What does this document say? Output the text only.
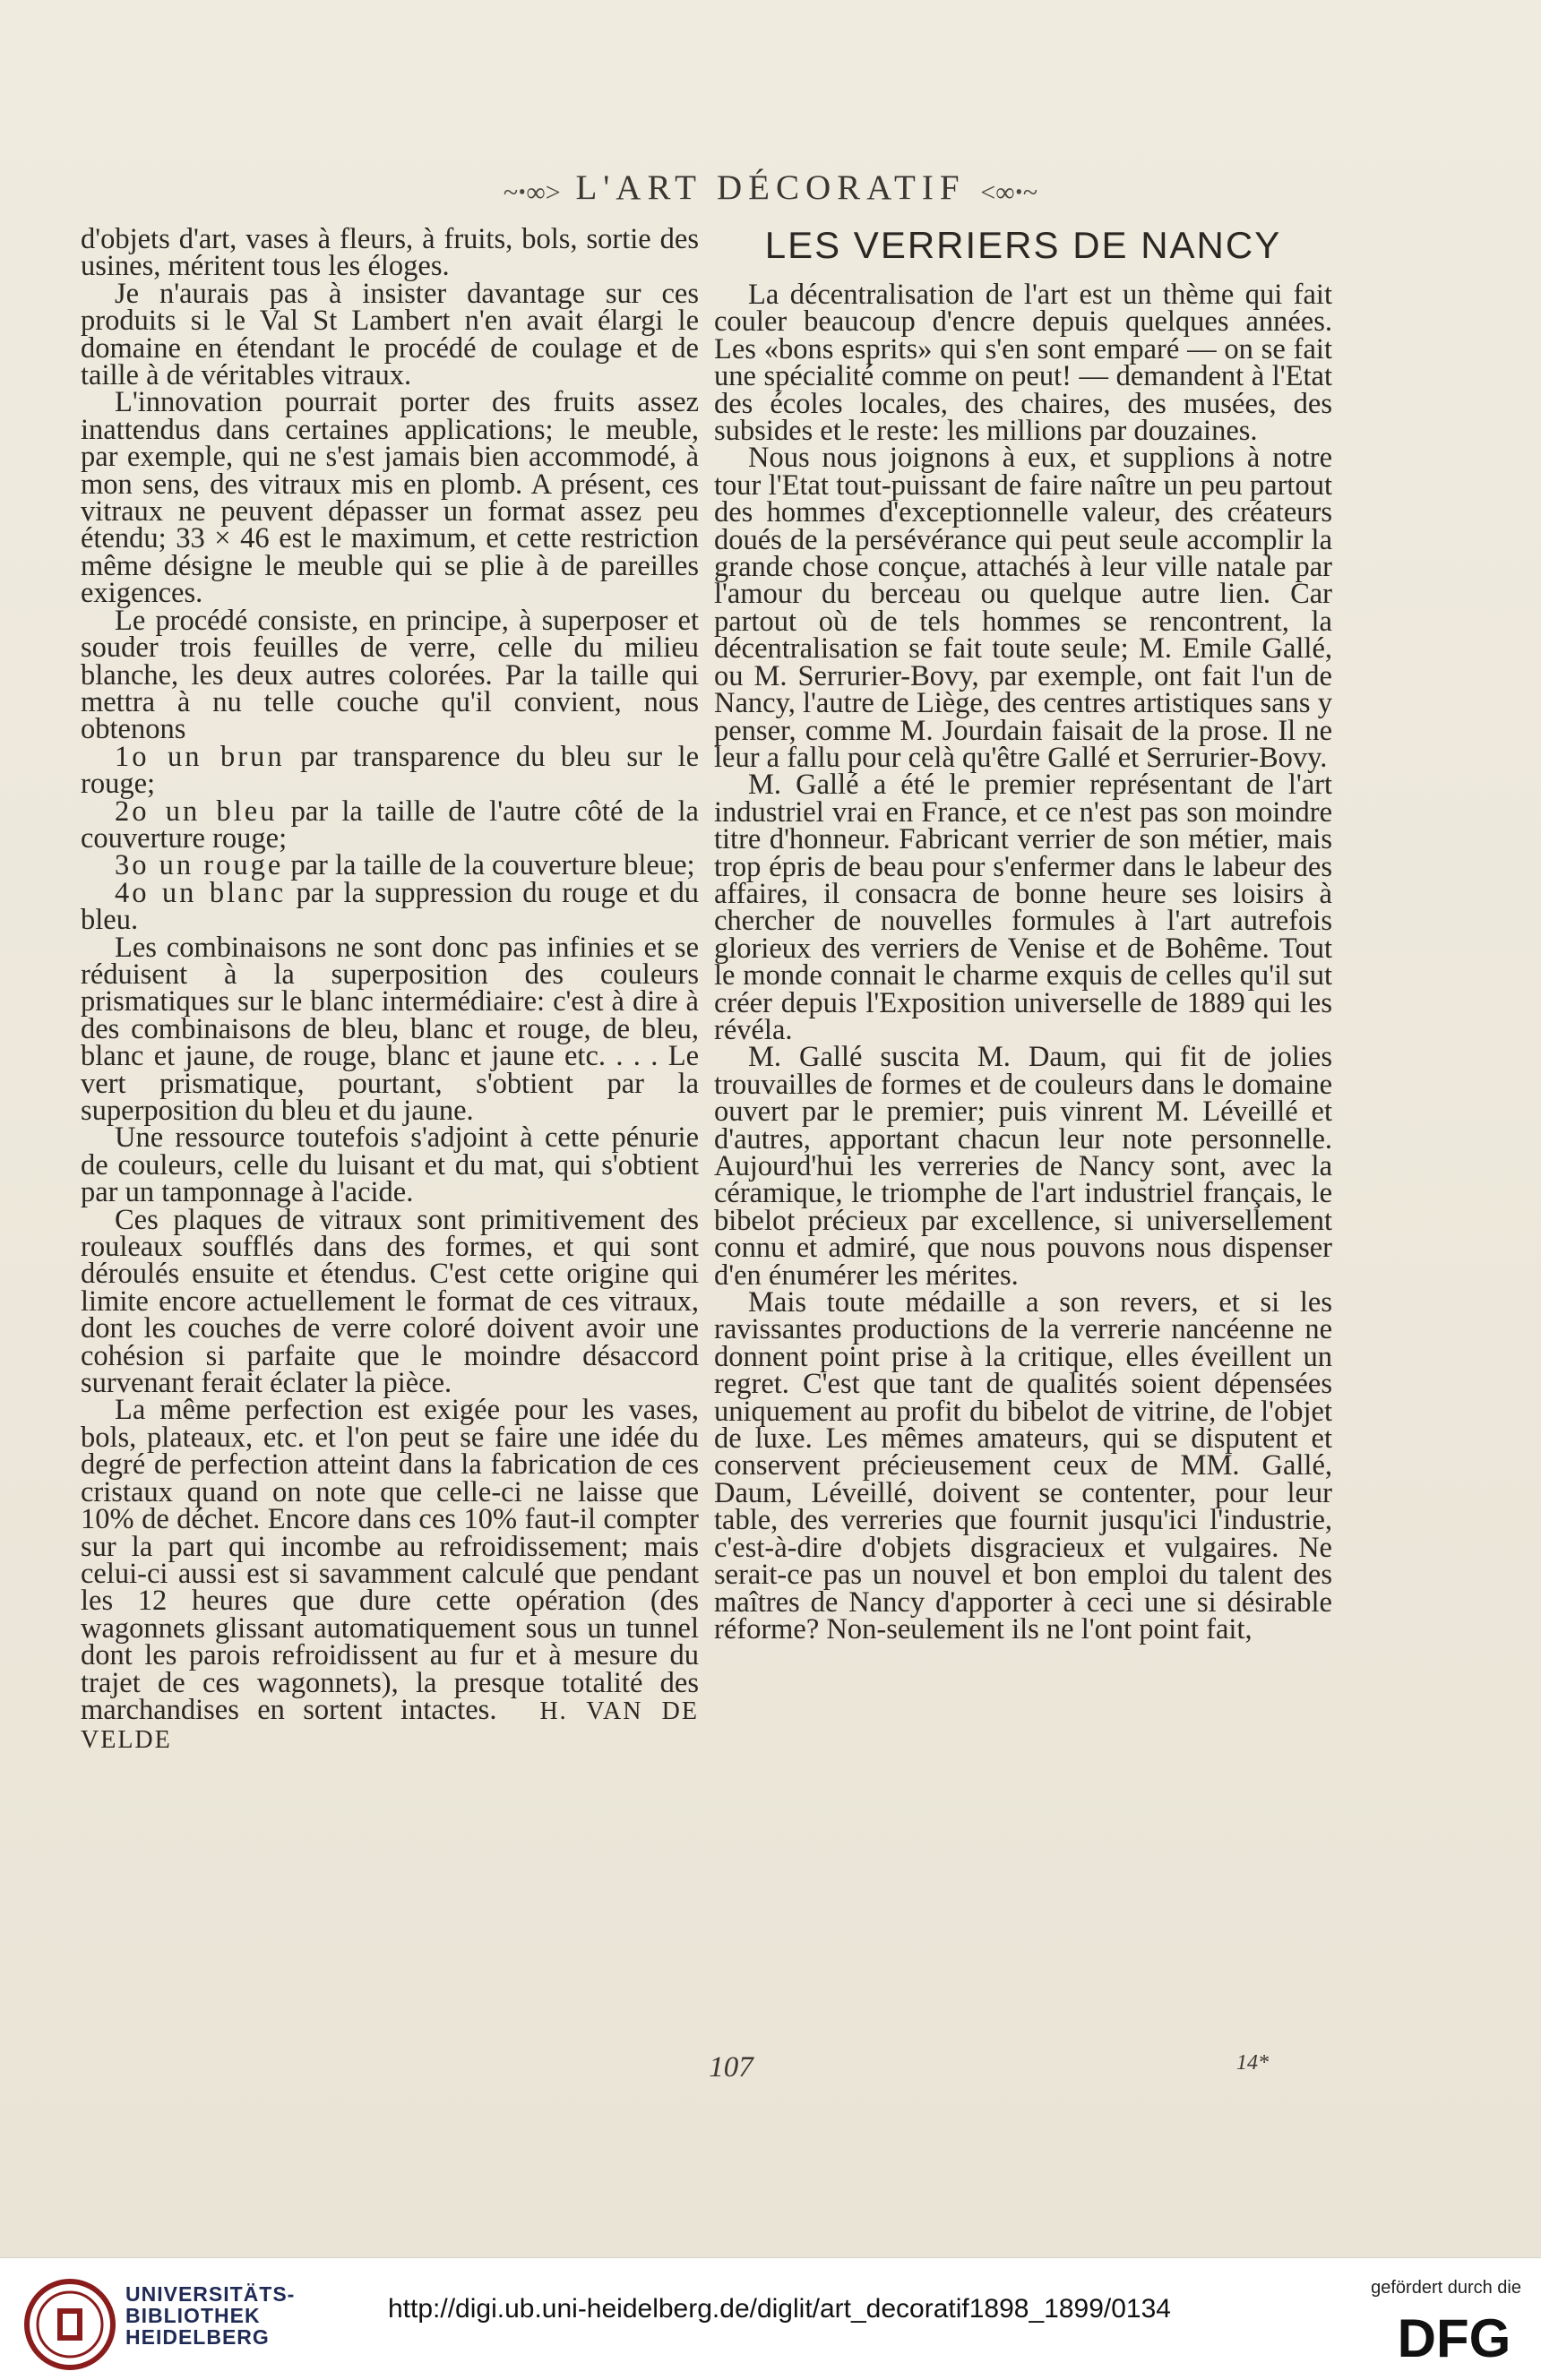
~ꞏ∞> L'ART DÉCORATIF <∞ꞏ~

d'objets d'art, vases à fleurs, à fruits, bols, sortie des usines, méritent tous les éloges.

Je n'aurais pas à insister davantage sur ces produits si le Val St Lambert n'en avait élargi le domaine en étendant le procédé de coulage et de taille à de véritables vitraux.

L'innovation pourrait porter des fruits assez inattendus dans certaines applications; le meuble, par exemple, qui ne s'est jamais bien accommodé, à mon sens, des vitraux mis en plomb. A présent, ces vitraux ne peuvent dépasser un format assez peu étendu; 33 × 46 est le maximum, et cette restriction même désigne le meuble qui se plie à de pareilles exigences.

Le procédé consiste, en principe, à superposer et souder trois feuilles de verre, celle du milieu blanche, les deux autres colorées. Par la taille qui mettra à nu telle couche qu'il convient, nous obtenons

1o un brun par transparence du bleu sur le rouge;

2o un bleu par la taille de l'autre côté de la couverture rouge;

3o un rouge par la taille de la couverture bleue;

4o un blanc par la suppression du rouge et du bleu.

Les combinaisons ne sont donc pas infinies et se réduisent à la superposition des couleurs prismatiques sur le blanc intermédiaire: c'est à dire à des combinaisons de bleu, blanc et rouge, de bleu, blanc et jaune, de rouge, blanc et jaune etc. . . . Le vert prismatique, pourtant, s'obtient par la superposition du bleu et du jaune.

Une ressource toutefois s'adjoint à cette pénurie de couleurs, celle du luisant et du mat, qui s'obtient par un tamponnage à l'acide.

Ces plaques de vitraux sont primitivement des rouleaux soufflés dans des formes, et qui sont déroulés ensuite et étendus. C'est cette origine qui limite encore actuellement le format de ces vitraux, dont les couches de verre coloré doivent avoir une cohésion si parfaite que le moindre désaccord survenant ferait éclater la pièce.

La même perfection est exigée pour les vases, bols, plateaux, etc. et l'on peut se faire une idée du degré de perfection atteint dans la fabrication de ces cristaux quand on note que celle-ci ne laisse que 10% de déchet. Encore dans ces 10% faut-il compter sur la part qui incombe au refroidissement; mais celui-ci aussi est si savamment calculé que pendant les 12 heures que dure cette opération (des wagonnets glissant automatiquement sous un tunnel dont les parois refroidissent au fur et à mesure du trajet de ces wagonnets), la presque totalité des marchandises en sortent intactes. H. VAN DE VELDE

LES VERRIERS DE NANCY

La décentralisation de l'art est un thème qui fait couler beaucoup d'encre depuis quelques années. Les «bons esprits» qui s'en sont emparé — on se fait une spécialité comme on peut! — demandent à l'Etat des écoles locales, des chaires, des musées, des subsides et le reste: les millions par douzaines.

Nous nous joignons à eux, et supplions à notre tour l'Etat tout-puissant de faire naître un peu partout des hommes d'exceptionnelle valeur, des créateurs doués de la persévérance qui peut seule accomplir la grande chose conçue, attachés à leur ville natale par l'amour du berceau ou quelque autre lien. Car partout où de tels hommes se rencontrent, la décentralisation se fait toute seule; M. Emile Gallé, ou M. Serrurier-Bovy, par exemple, ont fait l'un de Nancy, l'autre de Liège, des centres artistiques sans y penser, comme M. Jourdain faisait de la prose. Il ne leur a fallu pour celà qu'être Gallé et Serrurier-Bovy.

M. Gallé a été le premier représentant de l'art industriel vrai en France, et ce n'est pas son moindre titre d'honneur. Fabricant verrier de son métier, mais trop épris de beau pour s'enfermer dans le labeur des affaires, il consacra de bonne heure ses loisirs à chercher de nouvelles formules à l'art autrefois glorieux des verriers de Venise et de Bohême. Tout le monde connait le charme exquis de celles qu'il sut créer depuis l'Exposition universelle de 1889 qui les révéla.

M. Gallé suscita M. Daum, qui fit de jolies trouvailles de formes et de couleurs dans le domaine ouvert par le premier; puis vinrent M. Léveillé et d'autres, apportant chacun leur note personnelle. Aujourd'hui les verreries de Nancy sont, avec la céramique, le triomphe de l'art industriel français, le bibelot précieux par excellence, si universellement connu et admiré, que nous pouvons nous dispenser d'en énumérer les mérites.

Mais toute médaille a son revers, et si les ravissantes productions de la verrerie nancéenne ne donnent point prise à la critique, elles éveillent un regret. C'est que tant de qualités soient dépensées uniquement au profit du bibelot de vitrine, de l'objet de luxe. Les mêmes amateurs, qui se disputent et conservent précieusement ceux de MM. Gallé, Daum, Léveillé, doivent se contenter, pour leur table, des verreries que fournit jusqu'ici l'industrie, c'est-à-dire d'objets disgracieux et vulgaires. Ne serait-ce pas un nouvel et bon emploi du talent des maîtres de Nancy d'apporter à ceci une si désirable réforme? Non-seulement ils ne l'ont point fait,

107	14*
UNIVERSITÄTS-
BIBLIOTHEK
HEIDELBERG
http://digi.ub.uni-heidelberg.de/diglit/art_decoratif1898_1899/0134
gefördert durch die
DFG
